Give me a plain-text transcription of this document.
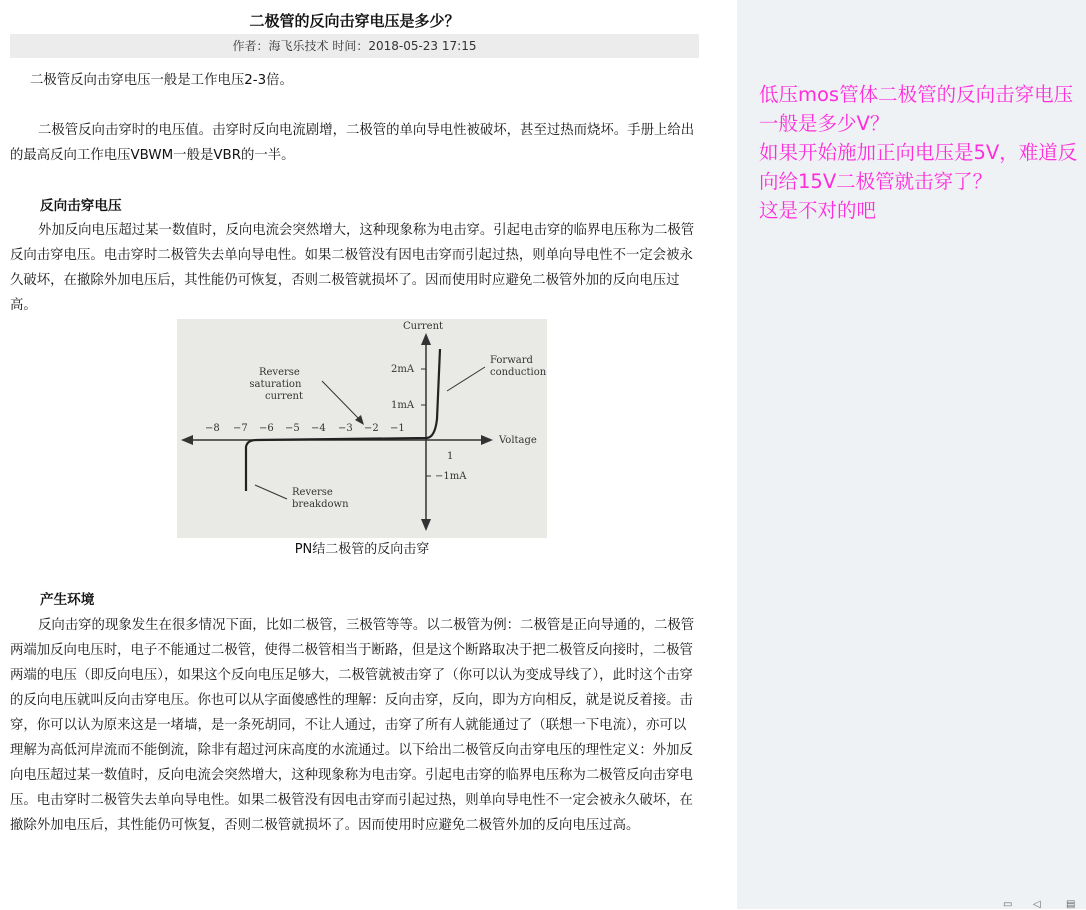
二极管的反向击穿电压是多少？
作者：海飞乐技术 时间：2018-05-23 17:15

二极管反向击穿电压一般是工作电压2-3倍。

二极管反向击穿时的电压值。击穿时反向电流剧增，二极管的单向导电性被破坏，甚至过热而烧坏。手册上给出的最高反向工作电压VBWM一般是VBR的一半。

反向击穿电压

外加反向电压超过某一数值时，反向电流会突然增大，这种现象称为电击穿。引起电击穿的临界电压称为二极管反向击穿电压。电击穿时二极管失去单向导电性。如果二极管没有因电击穿而引起过热，则单向导电性不一定会被永久破坏，在撤除外加电压后，其性能仍可恢复，否则二极管就损坏了。因而使用时应避免二极管外加的反向电压过高。

Current
Voltage
2mA
1mA
−1mA
−8 −7 −6 −5 −4 −3 −2 −1
1
Reverse saturation current
Forward conduction
Reverse breakdown
PN结二极管的反向击穿

产生环境

反向击穿的现象发生在很多情况下面，比如二极管，三极管等等。以二极管为例：二极管是正向导通的，二极管两端加反向电压时，电子不能通过二极管，使得二极管相当于断路，但是这个断路取决于把二极管反向接时，二极管两端的电压（即反向电压），如果这个反向电压足够大，二极管就被击穿了（你可以认为变成导线了），此时这个击穿的反向电压就叫反向击穿电压。你也可以从字面傻感性的理解：反向击穿，反向，即为方向相反，就是说反着接。击穿，你可以认为原来这是一堵墙，是一条死胡同，不让人通过，击穿了所有人就能通过了（联想一下电流），亦可以理解为高低河岸流而不能倒流，除非有超过河床高度的水流通过。以下给出二极管反向击穿电压的理性定义：外加反向电压超过某一数值时，反向电流会突然增大，这种现象称为电击穿。引起电击穿的临界电压称为二极管反向击穿电压。电击穿时二极管失去单向导电性。如果二极管没有因电击穿而引起过热，则单向导电性不一定会被永久破坏，在撤除外加电压后，其性能仍可恢复，否则二极管就损坏了。因而使用时应避免二极管外加的反向电压过高。

低压mos管体二极管的反向击穿电压一般是多少V？
如果开始施加正向电压是5V，难道反向给15V二极管就击穿了？
这是不对的吧

▭ ◁	▤
